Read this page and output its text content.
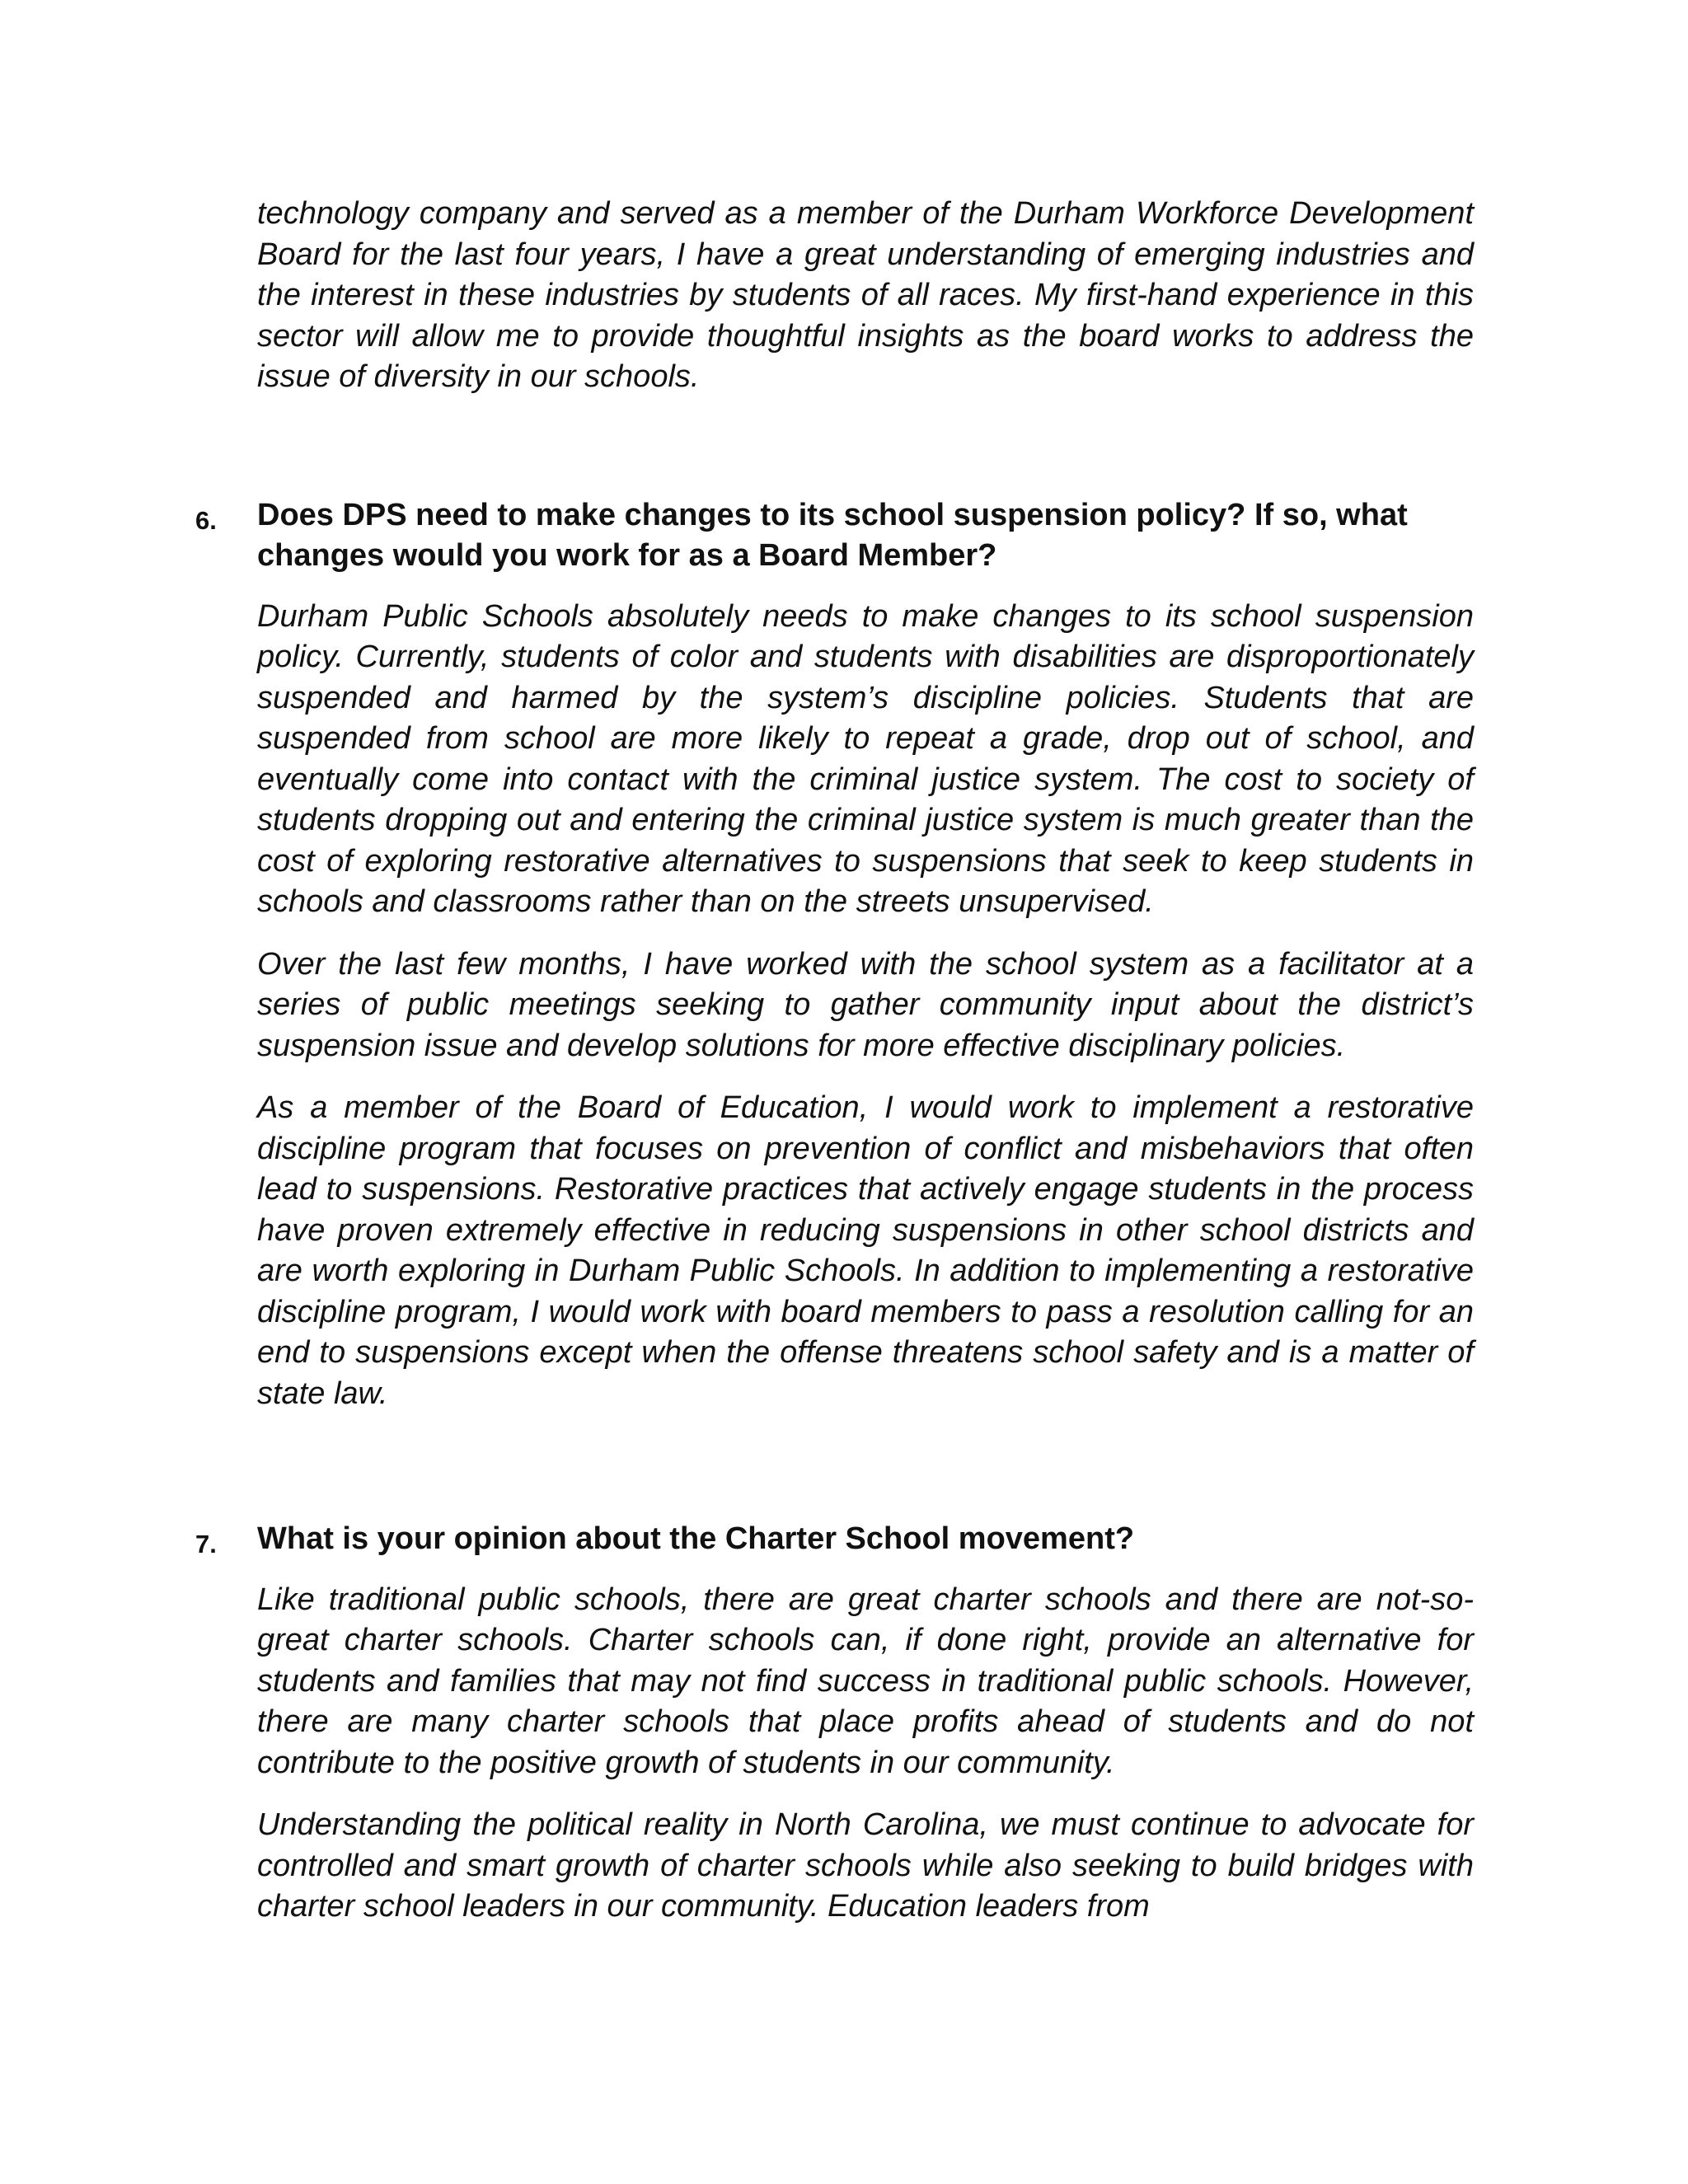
technology company and served as a member of the Durham Workforce Development Board for the last four years, I have a great understanding of emerging industries and the interest in these industries by students of all races. My first-hand experience in this sector will allow me to provide thoughtful insights as the board works to address the issue of diversity in our schools.

6. Does DPS need to make changes to its school suspension policy? If so, what changes would you work for as a Board Member?

Durham Public Schools absolutely needs to make changes to its school suspension policy. Currently, students of color and students with disabilities are disproportionately suspended and harmed by the system’s discipline policies. Students that are suspended from school are more likely to repeat a grade, drop out of school, and eventually come into contact with the criminal justice system. The cost to society of students dropping out and entering the criminal justice system is much greater than the cost of exploring restorative alternatives to suspensions that seek to keep students in schools and classrooms rather than on the streets unsupervised.

Over the last few months, I have worked with the school system as a facilitator at a series of public meetings seeking to gather community input about the district’s suspension issue and develop solutions for more effective disciplinary policies.

As a member of the Board of Education, I would work to implement a restorative discipline program that focuses on prevention of conflict and misbehaviors that often lead to suspensions. Restorative practices that actively engage students in the process have proven extremely effective in reducing suspensions in other school districts and are worth exploring in Durham Public Schools. In addition to implementing a restorative discipline program, I would work with board members to pass a resolution calling for an end to suspensions except when the offense threatens school safety and is a matter of state law.

7. What is your opinion about the Charter School movement?

Like traditional public schools, there are great charter schools and there are not-so-great charter schools. Charter schools can, if done right, provide an alternative for students and families that may not find success in traditional public schools. However, there are many charter schools that place profits ahead of students and do not contribute to the positive growth of students in our community.

Understanding the political reality in North Carolina, we must continue to advocate for controlled and smart growth of charter schools while also seeking to build bridges with charter school leaders in our community. Education leaders from
